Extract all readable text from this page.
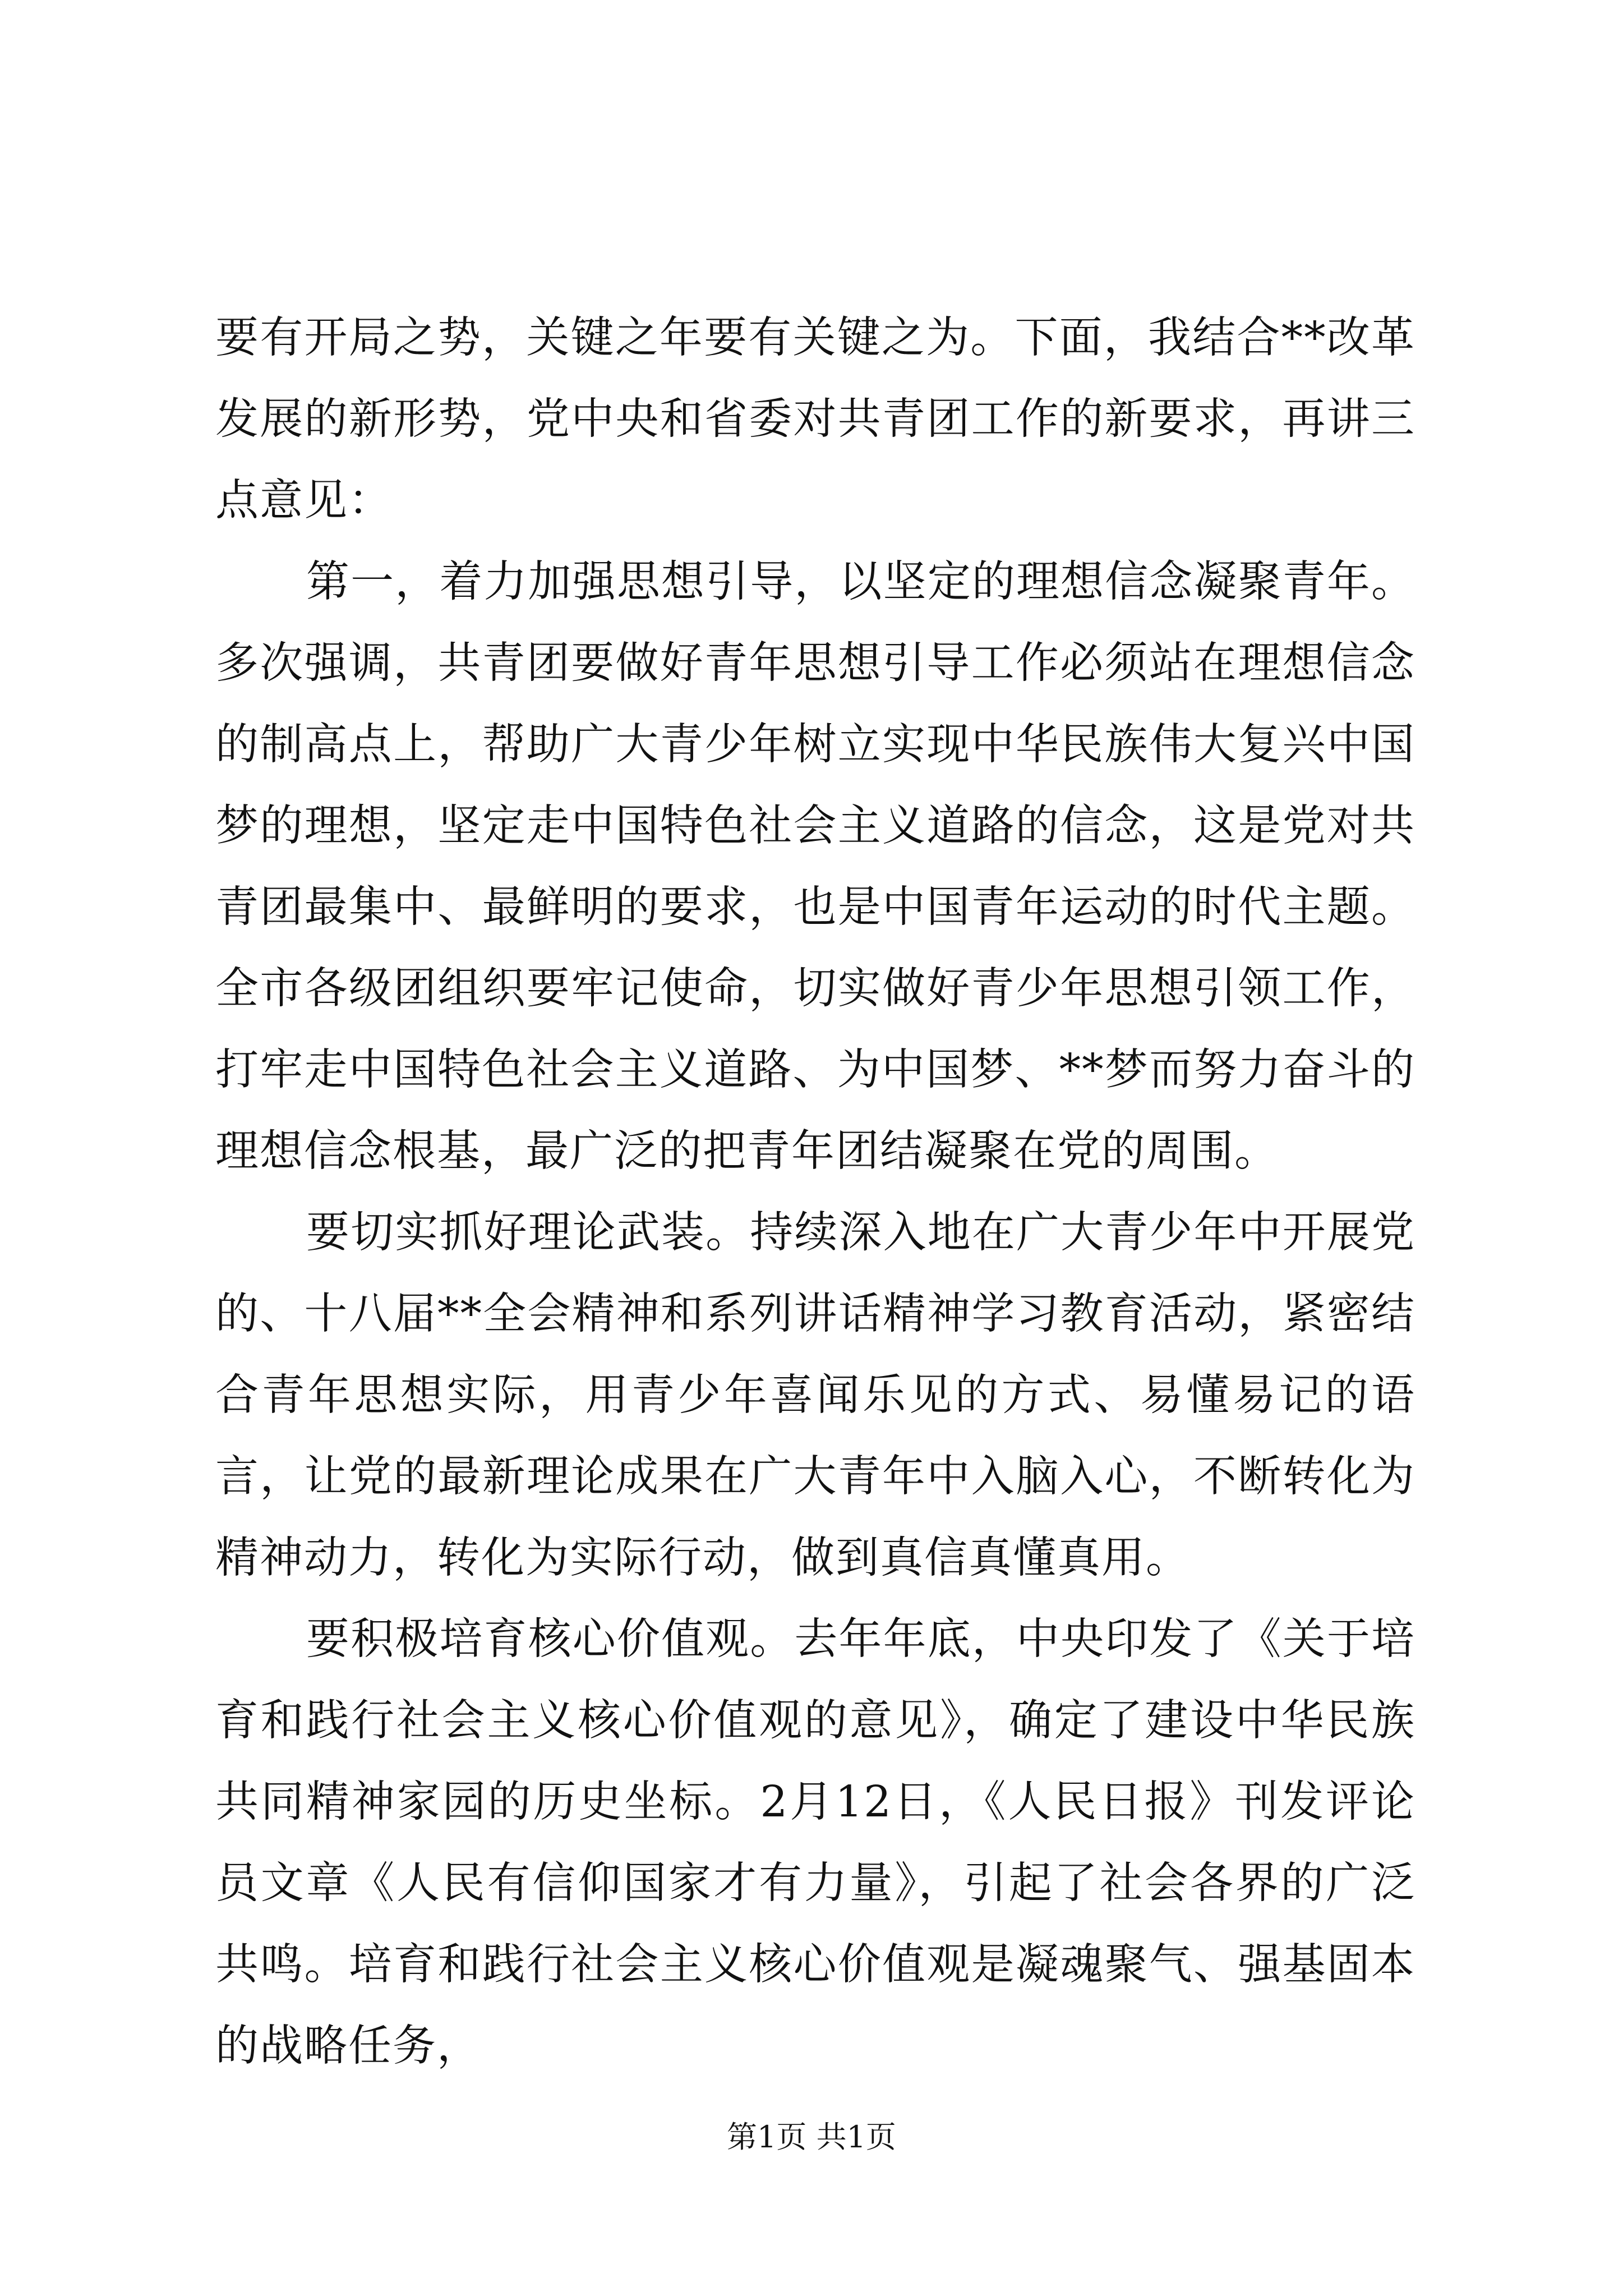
要有开局之势，关键之年要有关键之为。下面，我结合**改革发展的新形势，党中央和省委对共青团工作的新要求，再讲三点意见：

第一，着力加强思想引导，以坚定的理想信念凝聚青年。多次强调，共青团要做好青年思想引导工作必须站在理想信念的制高点上，帮助广大青少年树立实现中华民族伟大复兴中国梦的理想，坚定走中国特色社会主义道路的信念，这是党对共青团最集中、最鲜明的要求，也是中国青年运动的时代主题。全市各级团组织要牢记使命，切实做好青少年思想引领工作，打牢走中国特色社会主义道路、为中国梦、**梦而努力奋斗的理想信念根基，最广泛的把青年团结凝聚在党的周围。

要切实抓好理论武装。持续深入地在广大青少年中开展党的、十八届**全会精神和系列讲话精神学习教育活动，紧密结合青年思想实际，用青少年喜闻乐见的方式、易懂易记的语言，让党的最新理论成果在广大青年中入脑入心，不断转化为精神动力，转化为实际行动，做到真信真懂真用。

要积极培育核心价值观。去年年底，中央印发了《关于培育和践行社会主义核心价值观的意见》，确定了建设中华民族共同精神家园的历史坐标。2月12日，《人民日报》刊发评论员文章《人民有信仰国家才有力量》，引起了社会各界的广泛共鸣。培育和践行社会主义核心价值观是凝魂聚气、强基固本的战略任务，

第1页 共1页
